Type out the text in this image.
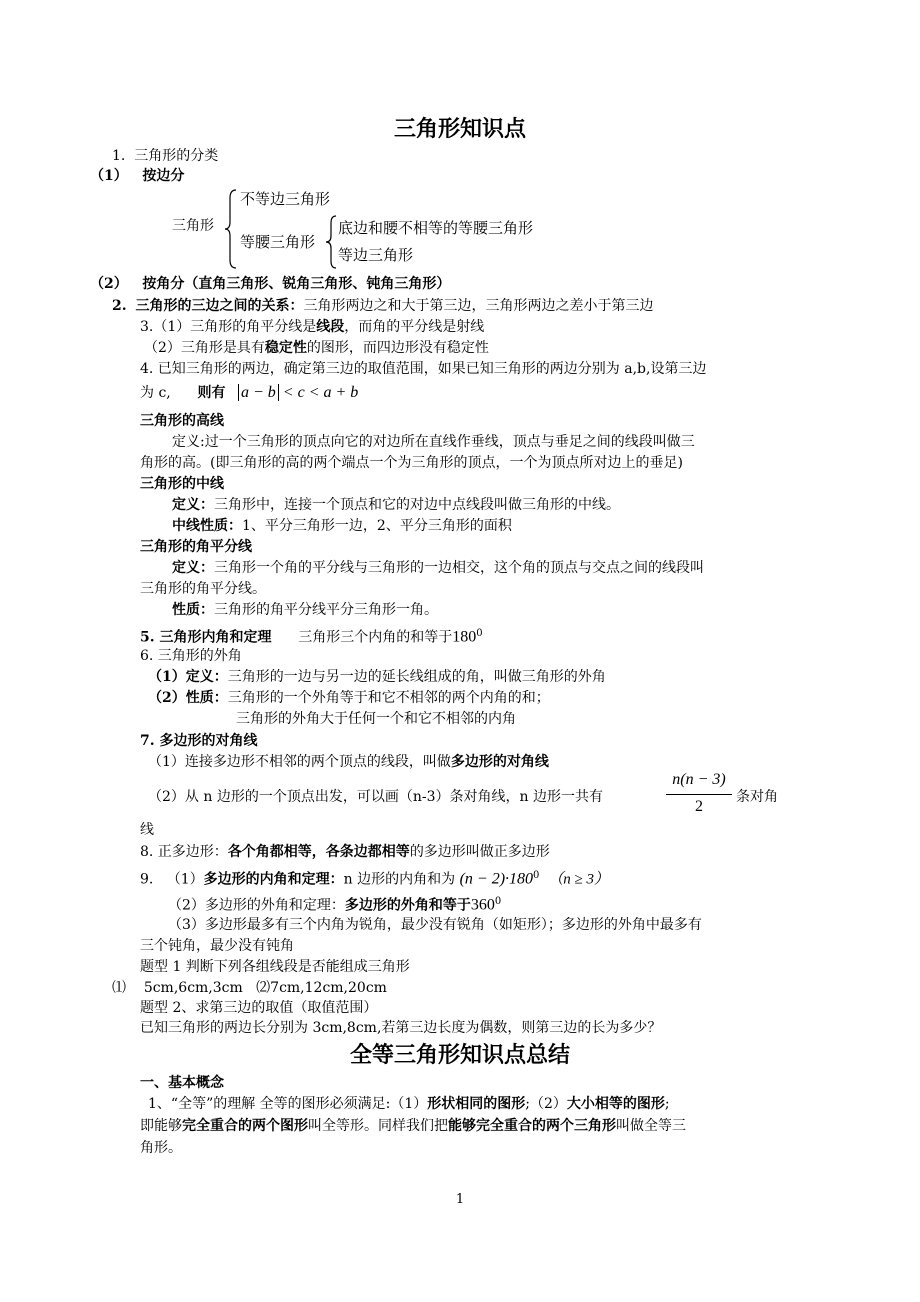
三角形知识点
1. 三角形的分类
（1） 按边分
三角形
不等边三角形
等腰三角形
底边和腰不相等的等腰三角形
等边三角形
（2） 按角分（直角三角形、锐角三角形、钝角三角形）
2. 三角形的三边之间的关系：三角形两边之和大于第三边，三角形两边之差小于第三边
3.（1）三角形的角平分线是线段，而角的平分线是射线
（2）三角形是具有稳定性的图形，而四边形没有稳定性
4. 已知三角形的两边，确定第三边的取值范围，如果已知三角形的两边分别为 a,b,设第三边
为 c, 则有 a − b < c < a + b
三角形的高线
定义:过一个三角形的顶点向它的对边所在直线作垂线，顶点与垂足之间的线段叫做三
角形的高。(即三角形的高的两个端点一个为三角形的顶点，一个为顶点所对边上的垂足)
三角形的中线
定义：三角形中，连接一个顶点和它的对边中点线段叫做三角形的中线。
中线性质：1、平分三角形一边，2、平分三角形的面积
三角形的角平分线
定义：三角形一个角的平分线与三角形的一边相交，这个角的顶点与交点之间的线段叫
三角形的角平分线。
性质：三角形的角平分线平分三角形一角。
5. 三角形内角和定理 三角形三个内角的和等于$180^0$
6. 三角形的外角
（1）定义：三角形的一边与另一边的延长线组成的角，叫做三角形的外角
（2）性质：三角形的一个外角等于和它不相邻的两个内角的和；
三角形的外角大于任何一个和它不相邻的内角
7. 多边形的对角线
（1）连接多边形不相邻的两个顶点的线段，叫做多边形的对角线
（2）从 n 边形的一个顶点出发，可以画（n-3）条对角线，n 边形一共有
n(n − 3)
2
条对角
线
8. 正多边形：各个角都相等，各条边都相等的多边形叫做正多边形
9. （1）多边形的内角和定理：n 边形的内角和为 $(n - 2)\cdot 180^0$ （n ≥ 3）
（2）多边形的外角和定理：多边形的外角和等于$360^0$
（3）多边形最多有三个内角为锐角，最少没有锐角（如矩形）；多边形的外角中最多有
三个钝角，最少没有钝角
题型 1 判断下列各组线段是否能组成三角形
⑴ 5cm,6cm,3cm ⑵7cm,12cm,20cm
题型 2、求第三边的取值（取值范围）
已知三角形的两边长分别为 3cm,8cm,若第三边长度为偶数，则第三边的长为多少？
全等三角形知识点总结
一、基本概念
1、“全等”的理解 全等的图形必须满足:（1）形状相同的图形;（2）大小相等的图形;
即能够完全重合的两个图形叫全等形。同样我们把能够完全重合的两个三角形叫做全等三
角形。
1
